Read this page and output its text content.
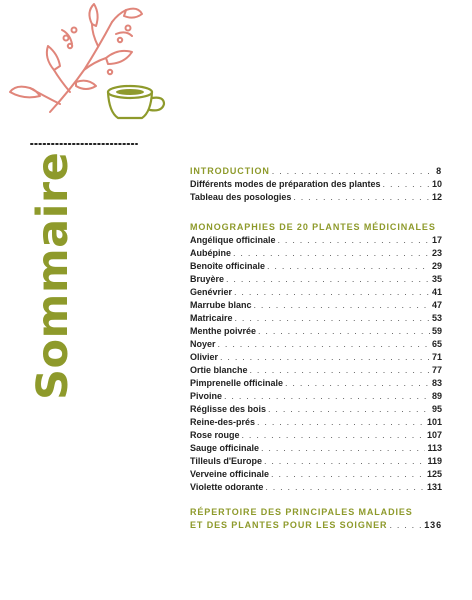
Sommaire	INTRODUCTION . . .	8
Différents modes de préparation des plantes . . .	10
Tableau des posologies . . .	12
MONOGRAPHIES DE 20 PLANTES MÉDICINALES
Angélique officinale . . .	17
Aubépine . . .	23
Benoîte officinale . . .	29
Bruyère . . .	35
Genévrier . . .	41
Marrube blanc . . .	47
Matricaire . . .	53
Menthe poivrée . . .	59
Noyer . . .	65
Olivier . . .	71
Ortie blanche . . .	77
Pimprenelle officinale . . .	83
Pivoine . . .	89
Réglisse des bois . . .	95
Reine-des-prés . . .	101
Rose rouge . . .	107
Sauge officinale . . .	113
Tilleuls d'Europe . . .	119
Verveine officinale . . .	125
Violette odorante . . .	131
RÉPERTOIRE DES PRINCIPALES MALADIES
ET DES PLANTES POUR LES SOIGNER . . .	136
